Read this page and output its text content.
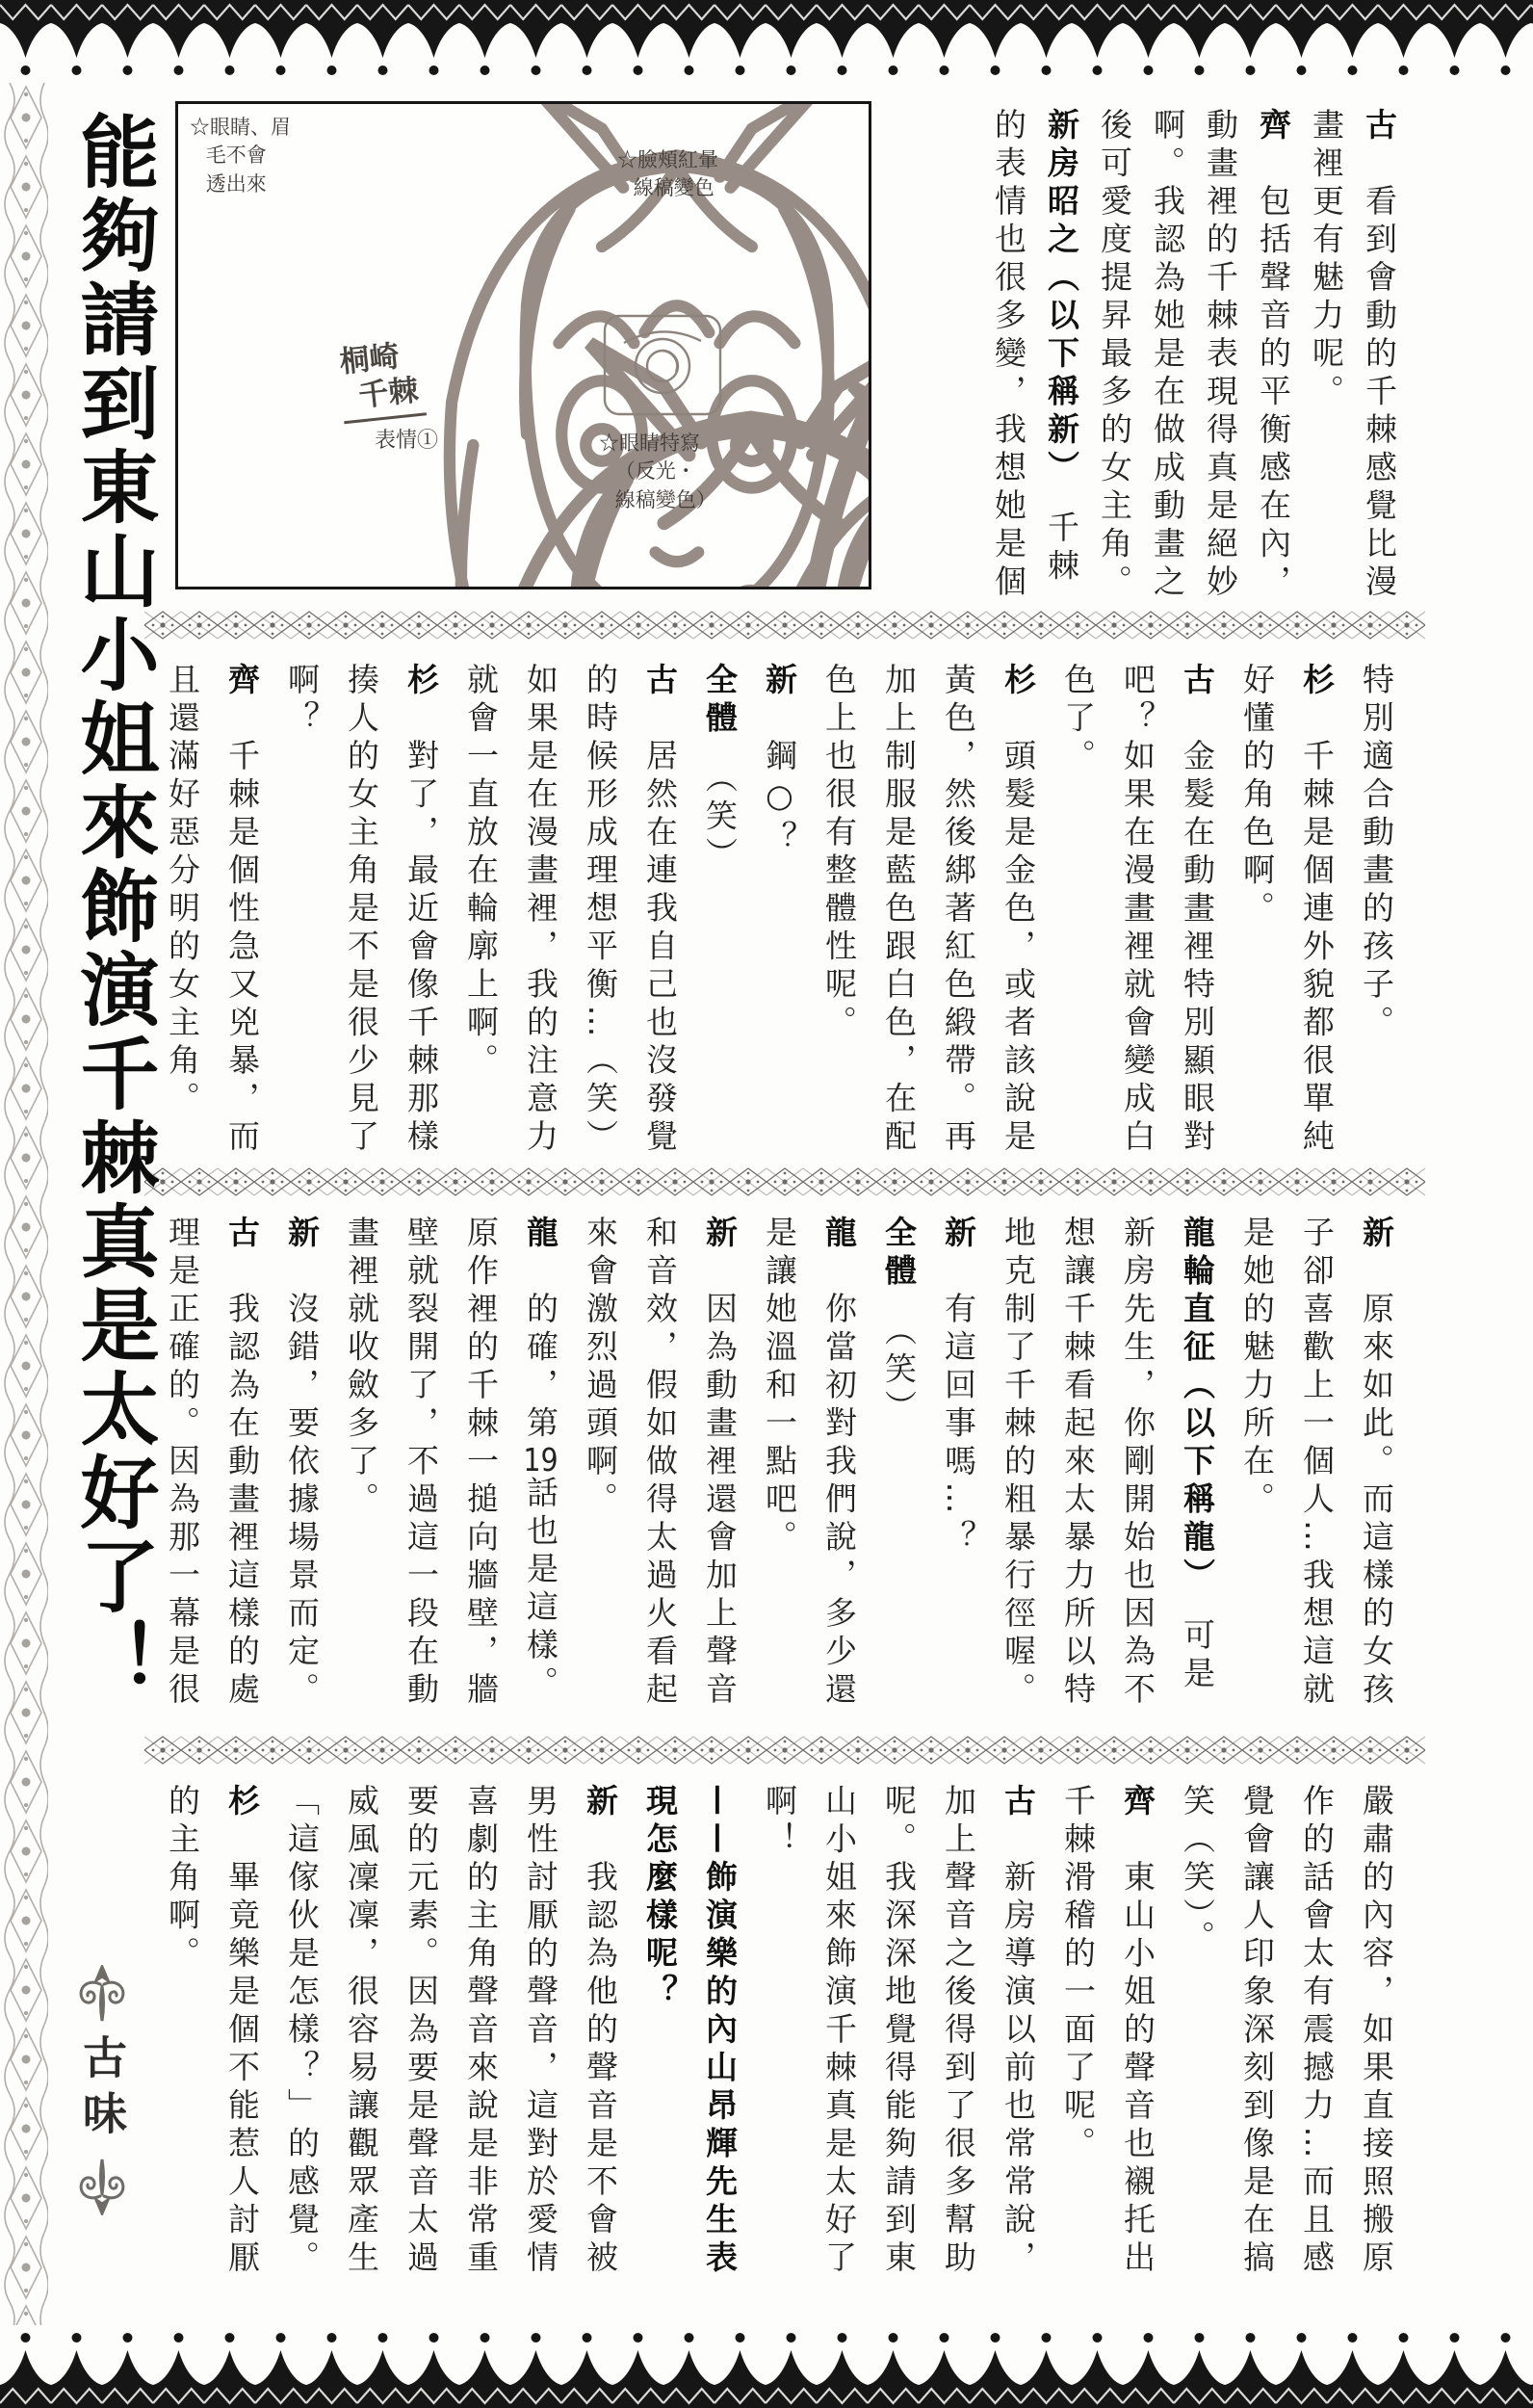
能夠請到東山小姐來飾演千棘真是太好了！	☆眼睛、眉
毛不會
透出來
☆臉頰紅暈
線稿變色
桐崎
千棘
表情①	☆眼睛特寫
（反光・
線稿變色）
古　看到會動的千棘感覺比漫
畫裡更有魅力呢。
齊　包括聲音的平衡感在內，
動畫裡的千棘表現得真是絕妙
啊。我認為她是在做成動畫之
後可愛度提昇最多的女主角。
新房昭之（以下稱新）　千棘
的表情也很多變，我想她是個
特別適合動畫的孩子。
杉　千棘是個連外貌都很單純
好懂的角色啊。
古　金髮在動畫裡特別顯眼對
吧？如果在漫畫裡就會變成白
色了。
杉　頭髮是金色，或者該說是
黃色，然後綁著紅色緞帶。再
加上制服是藍色跟白色，在配
色上也很有整體性呢。
新　鋼○？
全體　（笑）
古　居然在連我自己也沒發覺
的時候形成理想平衡…（笑）
如果是在漫畫裡，我的注意力
就會一直放在輪廓上啊。
杉　對了，最近會像千棘那樣
揍人的女主角是不是很少見了
啊？
齊　千棘是個性急又兇暴，而
且還滿好惡分明的女主角。
新　原來如此。而這樣的女孩
子卻喜歡上一個人…我想這就
是她的魅力所在。
龍輪直征（以下稱龍）　可是
新房先生，你剛開始也因為不
想讓千棘看起來太暴力所以特
地克制了千棘的粗暴行徑喔。
新　有這回事嗎…？
全體　（笑）
龍　你當初對我們說，多少還
是讓她溫和一點吧。
新　因為動畫裡還會加上聲音
和音效，假如做得太過火看起
來會激烈過頭啊。
龍　的確，第19話也是這樣。
原作裡的千棘一搥向牆壁，牆
壁就裂開了，不過這一段在動
畫裡就收斂多了。
新　沒錯，要依據場景而定。
古　我認為在動畫裡這樣的處
理是正確的。因為那一幕是很
嚴肅的內容，如果直接照搬原
作的話會太有震撼力…而且感
覺會讓人印象深刻到像是在搞
笑（笑）。
齊　東山小姐的聲音也襯托出
千棘滑稽的一面了呢。
古　新房導演以前也常常說，
加上聲音之後得到了很多幫助
呢。我深深地覺得能夠請到東
山小姐來飾演千棘真是太好了
啊！
——飾演樂的內山昂輝先生表
現怎麼樣呢？
新　我認為他的聲音是不會被
男性討厭的聲音，這對於愛情
喜劇的主角聲音來說是非常重
要的元素。因為要是聲音太過
威風凜凜，很容易讓觀眾產生
「這傢伙是怎樣？」的感覺。
杉　畢竟樂是個不能惹人討厭
的主角啊。
古味
